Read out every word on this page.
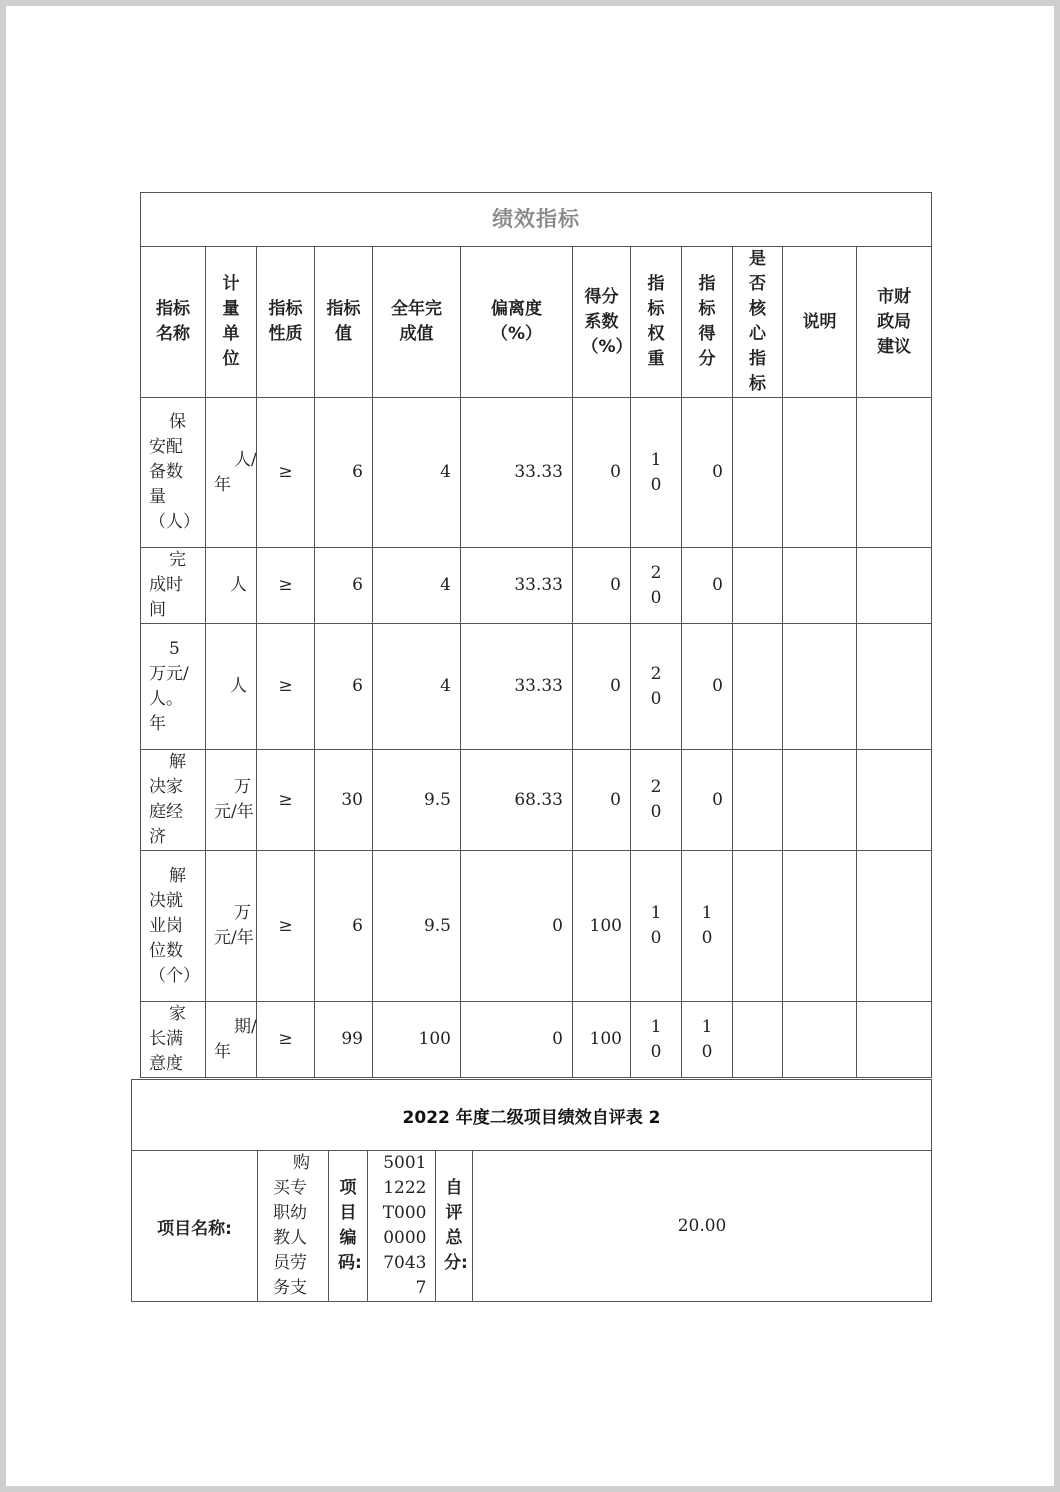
绩效指标											

指标名称	计量单位	指标性质	指标值	全年完成值	偏离度（%）	得分系数（%）	指标权重	指标得分	是否核心指标	说明	市财政局建议

保安配备数量（人）	人/年	≥	6	4	33.33	0	10	0			

完成时间	人	≥	6	4	33.33	0	20	0			

5万元/人。年	人	≥	6	4	33.33	0	20	0			

解决家庭经济	万元/年	≥	30	9.5	68.33	0	20	0			

解决就业岗位数（个）	万元/年	≥	6	9.5	0	100	10	10			

家长满意度	期/年	≥	99	100	0	100	10	10			

2022 年度二级项目绩效自评表 2
项目名称:	
购买专职幼教人员劳务支

项目编码:

50011222T000000070437

自评总分:
	20.00
